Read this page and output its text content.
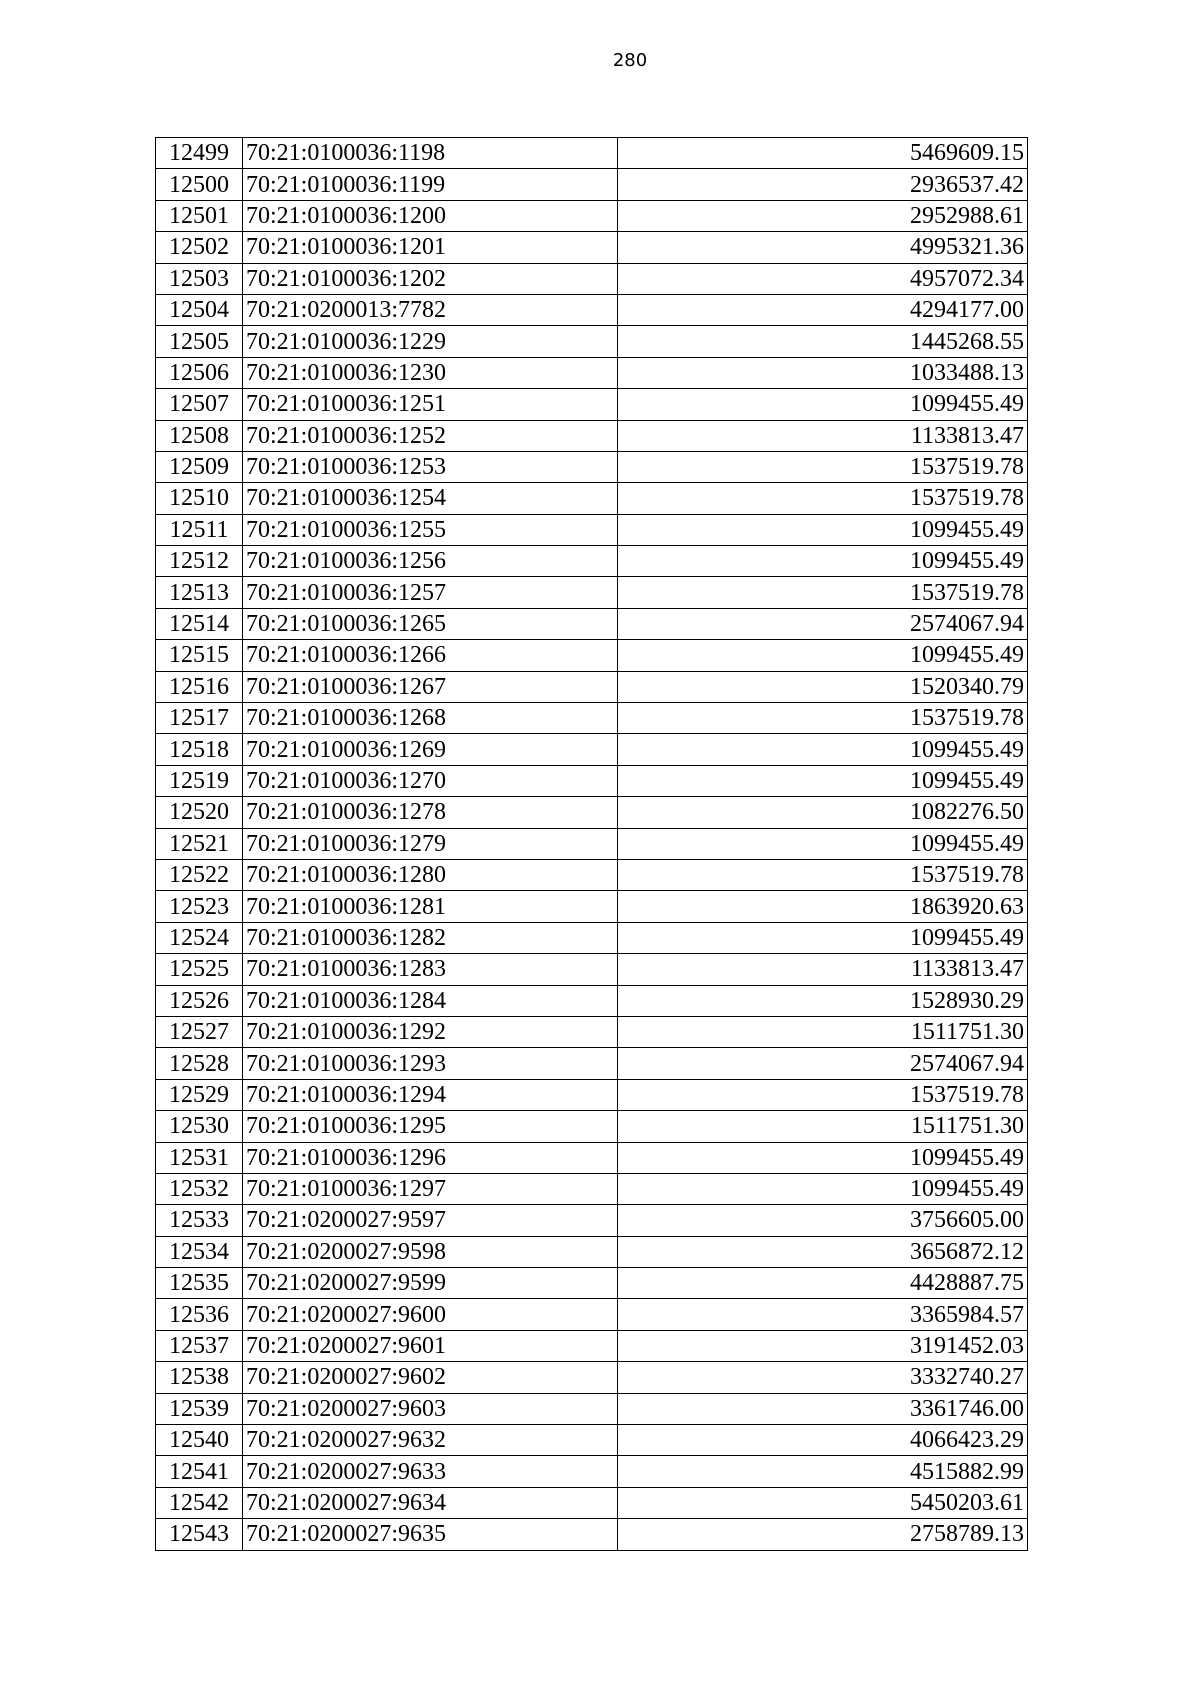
280
12499	70:21:0100036:1198	5469609.15
12500	70:21:0100036:1199	2936537.42
12501	70:21:0100036:1200	2952988.61
12502	70:21:0100036:1201	4995321.36
12503	70:21:0100036:1202	4957072.34
12504	70:21:0200013:7782	4294177.00
12505	70:21:0100036:1229	1445268.55
12506	70:21:0100036:1230	1033488.13
12507	70:21:0100036:1251	1099455.49
12508	70:21:0100036:1252	1133813.47
12509	70:21:0100036:1253	1537519.78
12510	70:21:0100036:1254	1537519.78
12511	70:21:0100036:1255	1099455.49
12512	70:21:0100036:1256	1099455.49
12513	70:21:0100036:1257	1537519.78
12514	70:21:0100036:1265	2574067.94
12515	70:21:0100036:1266	1099455.49
12516	70:21:0100036:1267	1520340.79
12517	70:21:0100036:1268	1537519.78
12518	70:21:0100036:1269	1099455.49
12519	70:21:0100036:1270	1099455.49
12520	70:21:0100036:1278	1082276.50
12521	70:21:0100036:1279	1099455.49
12522	70:21:0100036:1280	1537519.78
12523	70:21:0100036:1281	1863920.63
12524	70:21:0100036:1282	1099455.49
12525	70:21:0100036:1283	1133813.47
12526	70:21:0100036:1284	1528930.29
12527	70:21:0100036:1292	1511751.30
12528	70:21:0100036:1293	2574067.94
12529	70:21:0100036:1294	1537519.78
12530	70:21:0100036:1295	1511751.30
12531	70:21:0100036:1296	1099455.49
12532	70:21:0100036:1297	1099455.49
12533	70:21:0200027:9597	3756605.00
12534	70:21:0200027:9598	3656872.12
12535	70:21:0200027:9599	4428887.75
12536	70:21:0200027:9600	3365984.57
12537	70:21:0200027:9601	3191452.03
12538	70:21:0200027:9602	3332740.27
12539	70:21:0200027:9603	3361746.00
12540	70:21:0200027:9632	4066423.29
12541	70:21:0200027:9633	4515882.99
12542	70:21:0200027:9634	5450203.61
12543	70:21:0200027:9635	2758789.13
